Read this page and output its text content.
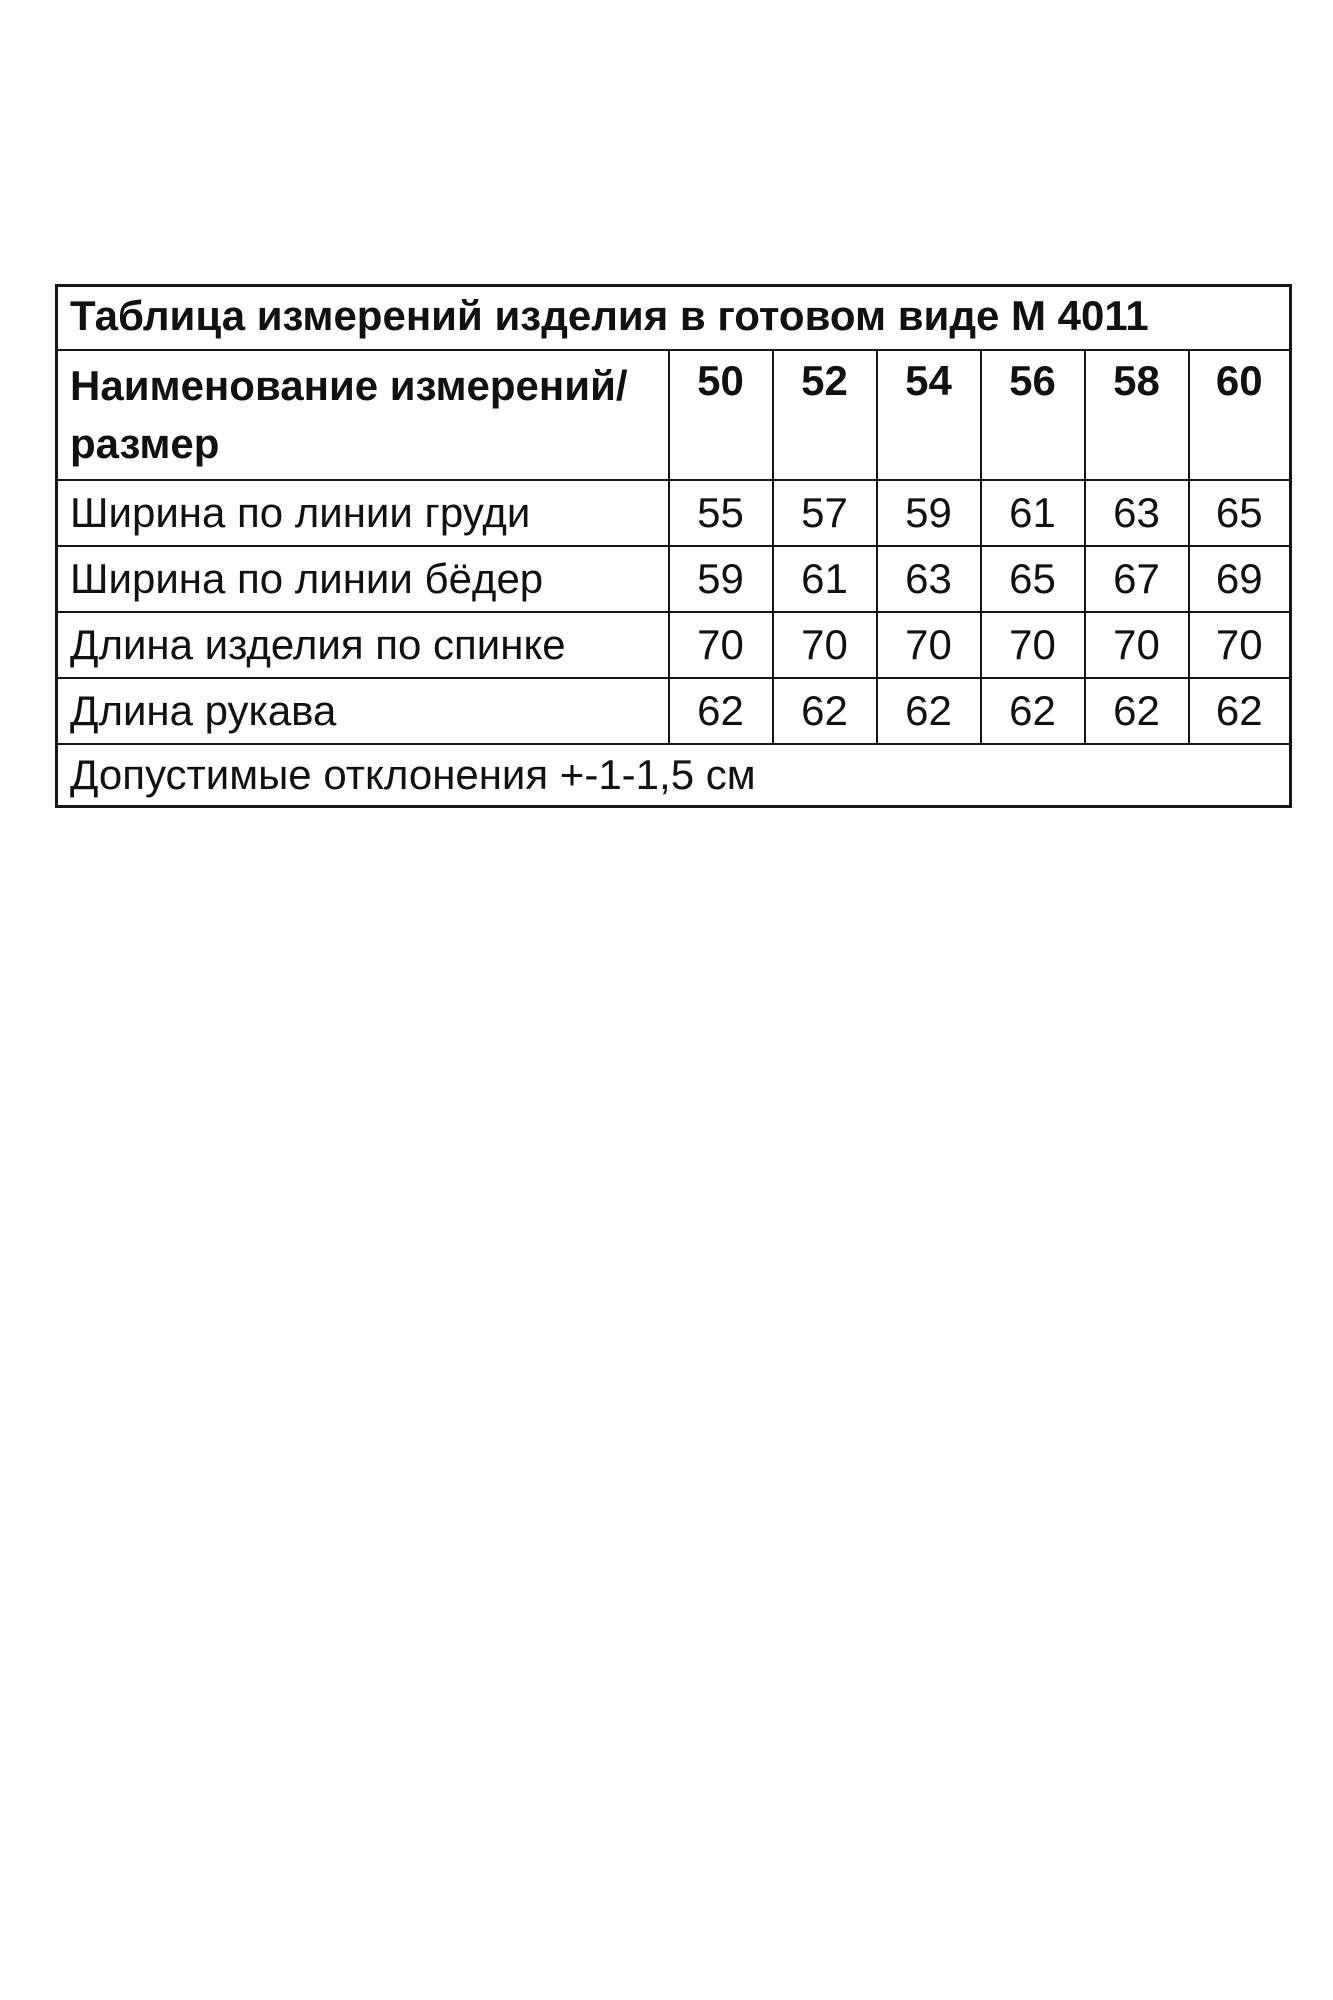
Таблица измерений изделия в готовом виде М 4011						
Наименование измерений/размер	50	52	54	56	58	60
Ширина по линии груди	55	57	59	61	63	65
Ширина по линии бёдер	59	61	63	65	67	69
Длина изделия по спинке	70	70	70	70	70	70
Длина рукава	62	62	62	62	62	62
Допустимые отклонения +-1-1,5 см						
